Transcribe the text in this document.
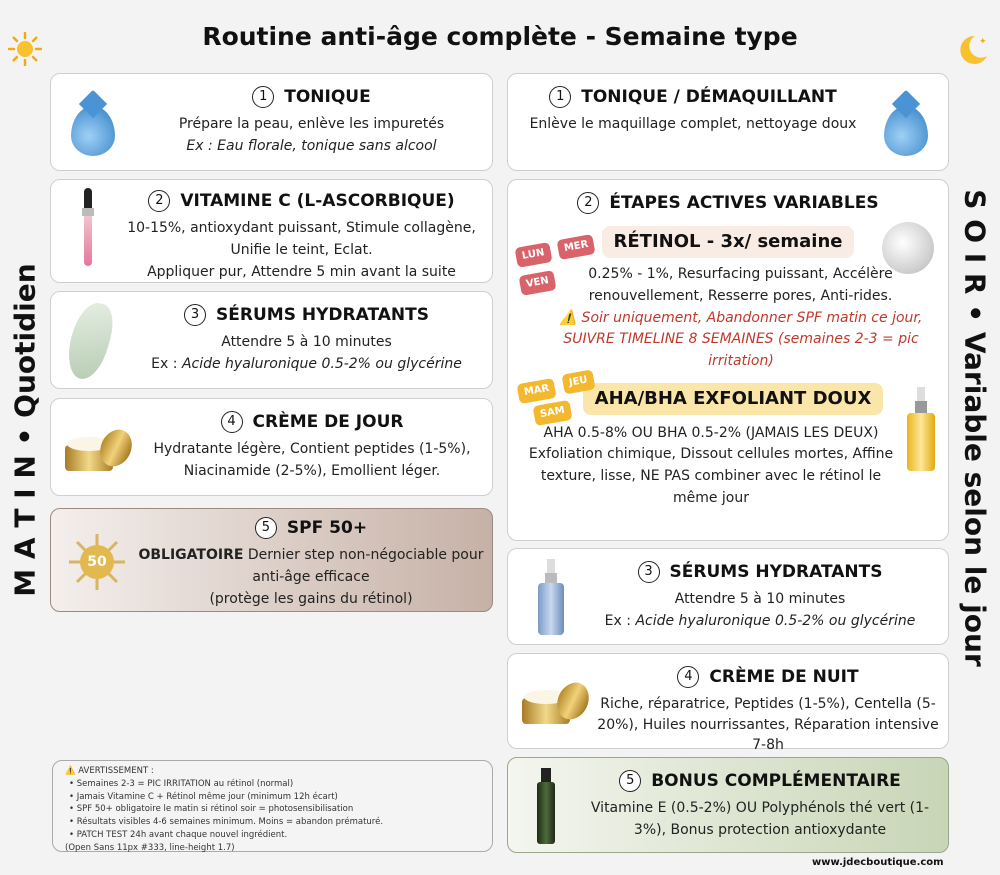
Routine anti-âge complète - Semaine type	✦
M A T I N • Quotidien	S O I R • Variable selon le jour
1 TONIQUE
Prépare la peau, enlève les impuretés
Ex : Eau florale, tonique sans alcool
2 VITAMINE C (L-ASCORBIQUE)
10-15%, antioxydant puissant, Stimule collagène, Unifie le teint, Eclat.
Appliquer pur, Attendre 5 min avant la suite
3 SÉRUMS HYDRATANTS
Attendre 5 à 10 minutes
Ex : Acide hyaluronique 0.5-2% ou glycérine
4 CRÈME DE JOUR
Hydratante légère, Contient peptides (1-5%), Niacinamide (2-5%), Emollient léger.
50
5 SPF 50+
OBLIGATOIRE Dernier step non-négociable pour anti-âge efficace
(protège les gains du rétinol)
⚠️ AVERTISSEMENT :
• Semaines 2-3 = PIC IRRITATION au rétinol (normal)
• Jamais Vitamine C + Rétinol même jour (minimum 12h écart)
• SPF 50+ obligatoire le matin si rétinol soir = photosensibilisation
• Résultats visibles 4-6 semaines minimum. Moins = abandon prématuré.
• PATCH TEST 24h avant chaque nouvel ingrédient.
(Open Sans 11px #333, line-height 1.7)
1 TONIQUE / DÉMAQUILLANT
Enlève le maquillage complet, nettoyage doux
2 ÉTAPES ACTIVES VARIABLES
LUN
MER
VEN
RÉTINOL - 3x/ semaine
0.25% - 1%, Resurfacing puissant, Accélère renouvellement, Resserre pores, Anti-rides.
⚠️ Soir uniquement, Abandonner SPF matin ce jour, SUIVRE TIMELINE 8 SEMAINES (semaines 2-3 = pic irritation)
MAR
JEU
SAM
AHA/BHA EXFOLIANT DOUX
AHA 0.5-8% OU BHA 0.5-2% (JAMAIS LES DEUX) Exfoliation chimique, Dissout cellules mortes, Affine texture, lisse, NE PAS combiner avec le rétinol le même jour
3 SÉRUMS HYDRATANTS
Attendre 5 à 10 minutes
Ex : Acide hyaluronique 0.5-2% ou glycérine
4 CRÈME DE NUIT
Riche, réparatrice, Peptides (1-5%), Centella (5-20%), Huiles nourrissantes, Réparation intensive 7-8h
5 BONUS COMPLÉMENTAIRE
Vitamine E (0.5-2%) OU Polyphénols thé vert (1-3%), Bonus protection antioxydante
www.jdecboutique.com
